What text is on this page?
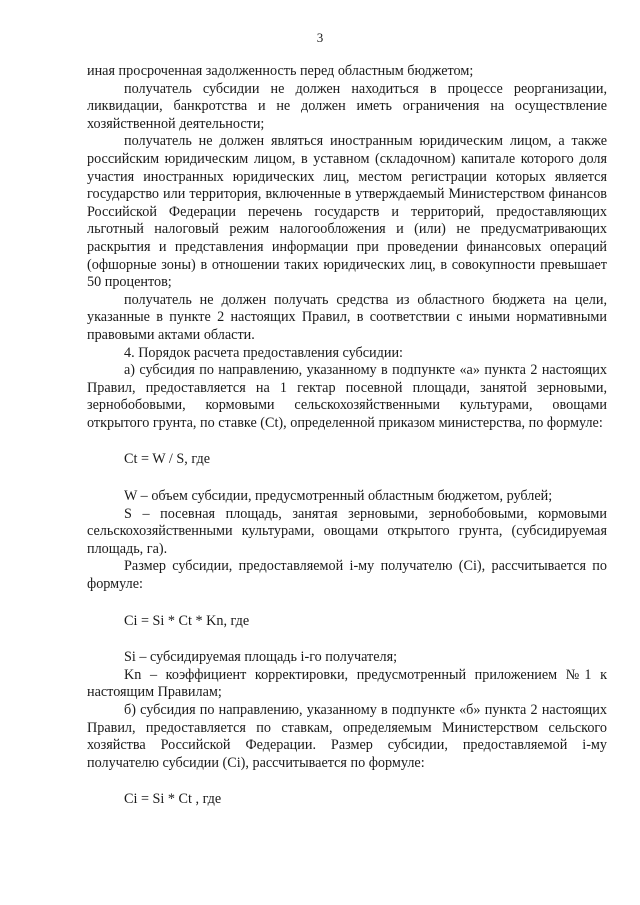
3

иная просроченная задолженность перед областным бюджетом;

получатель субсидии не должен находиться в процессе реорганизации, ликвидации, банкротства и не должен иметь ограничения на осуществление хозяйственной деятельности;

получатель не должен являться иностранным юридическим лицом, а также российским юридическим лицом, в уставном (складочном) капитале которого доля участия иностранных юридических лиц, местом регистрации которых является государство или территория, включенные в утверждаемый Министерством финансов Российской Федерации перечень государств и территорий, предоставляющих льготный налоговый режим налогообложения и (или) не предусматривающих раскрытия и представления информации при проведении финансовых операций (офшорные зоны) в отношении таких юридических лиц, в совокупности превышает 50 процентов;

получатель не должен получать средства из областного бюджета на цели, указанные в пункте 2 настоящих Правил, в соответствии с иными нормативными правовыми актами области.

4. Порядок расчета предоставления субсидии:

а) субсидия по направлению, указанному в подпункте «а» пункта 2 настоящих Правил, предоставляется на 1 гектар посевной площади, занятой зерновыми, зернобобовыми, кормовыми сельскохозяйственными культурами, овощами открытого грунта, по ставке (Ct), определенной приказом министерства, по формуле:

Ct = W / S, где

W – объем субсидии, предусмотренный областным бюджетом, рублей;

S – посевная площадь, занятая зерновыми, зернобобовыми, кормовыми сельскохозяйственными культурами, овощами открытого грунта, (субсидируемая площадь, га).

Размер субсидии, предоставляемой i-му получателю (Ci), рассчитывается по формуле:

Ci = Si * Ct * Kn, где

Si – субсидируемая площадь i-го получателя;

Kn – коэффициент корректировки, предусмотренный приложением №1 к настоящим Правилам;

б) субсидия по направлению, указанному в подпункте «б» пункта 2 настоящих Правил, предоставляется по ставкам, определяемым Министерством сельского хозяйства Российской Федерации. Размер субсидии, предоставляемой i-му получателю субсидии (Ci), рассчитывается по формуле:

Ci = Si * Ct , где
